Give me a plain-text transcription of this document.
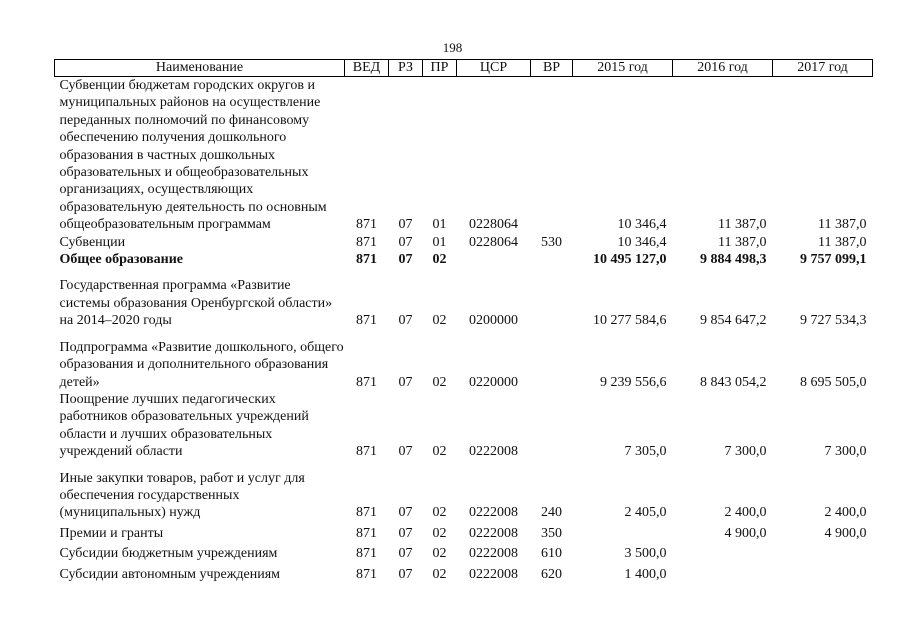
198
Наименование	ВЕД	РЗ	ПР	ЦСР	ВР	2015 год	2016 год	2017 год
Субвенции бюджетам городских округов и муниципальных районов на осуществление переданных полномочий по финансовому обеспечению получения дошкольного образования в частных дошкольных образовательных и общеобразовательных организациях, осуществляющих образовательную деятельность по основным общеобразовательным программам	871	07	01	0228064		10 346,4	11 387,0	11 387,0
Субвенции	871	07	01	0228064	530	10 346,4	11 387,0	11 387,0
Общее образование	871	07	02			10 495 127,0	9 884 498,3	9 757 099,1
Государственная программа «Развитие системы образования Оренбургской области» на 2014–2020 годы	871	07	02	0200000		10 277 584,6	9 854 647,2	9 727 534,3
Подпрограмма «Развитие дошкольного, общего образования и дополнительного образования детей»	871	07	02	0220000		9 239 556,6	8 843 054,2	8 695 505,0
Поощрение лучших педагогических работников образовательных учреждений области и лучших образовательных учреждений области	871	07	02	0222008		7 305,0	7 300,0	7 300,0
Иные закупки товаров, работ и услуг для обеспечения государственных (муниципальных) нужд	871	07	02	0222008	240	2 405,0	2 400,0	2 400,0
Премии и гранты	871	07	02	0222008	350		4 900,0	4 900,0
Субсидии бюджетным учреждениям	871	07	02	0222008	610	3 500,0		
Субсидии автономным учреждениям	871	07	02	0222008	620	1 400,0		
